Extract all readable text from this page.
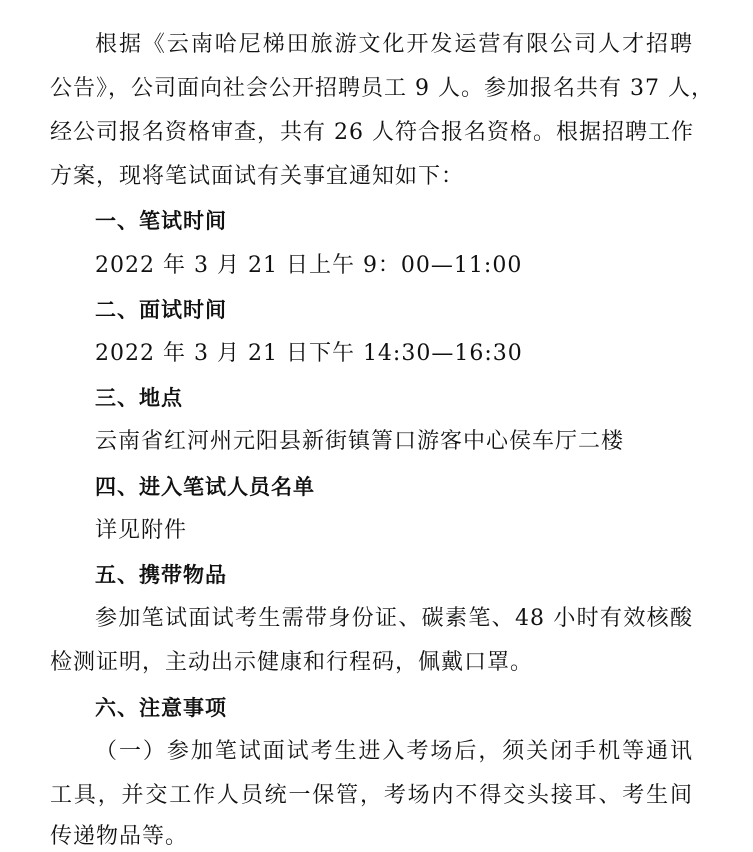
根据《云南哈尼梯田旅游文化开发运营有限公司人才招聘
公告》，公司面向社会公开招聘员工 9 人。参加报名共有 37 人，
经公司报名资格审查，共有 26 人符合报名资格。根据招聘工作
方案，现将笔试面试有关事宜通知如下：
一、笔试时间
2022 年 3 月 21 日上午 9：00—11:00
二、面试时间
2022 年 3 月 21 日下午 14:30—16:30
三、地点
云南省红河州元阳县新街镇箐口游客中心侯车厅二楼
四、进入笔试人员名单
详见附件
五、携带物品
参加笔试面试考生需带身份证、碳素笔、48 小时有效核酸
检测证明，主动出示健康和行程码，佩戴口罩。
六、注意事项
（一）参加笔试面试考生进入考场后，须关闭手机等通讯
工具，并交工作人员统一保管，考场内不得交头接耳、考生间
传递物品等。
